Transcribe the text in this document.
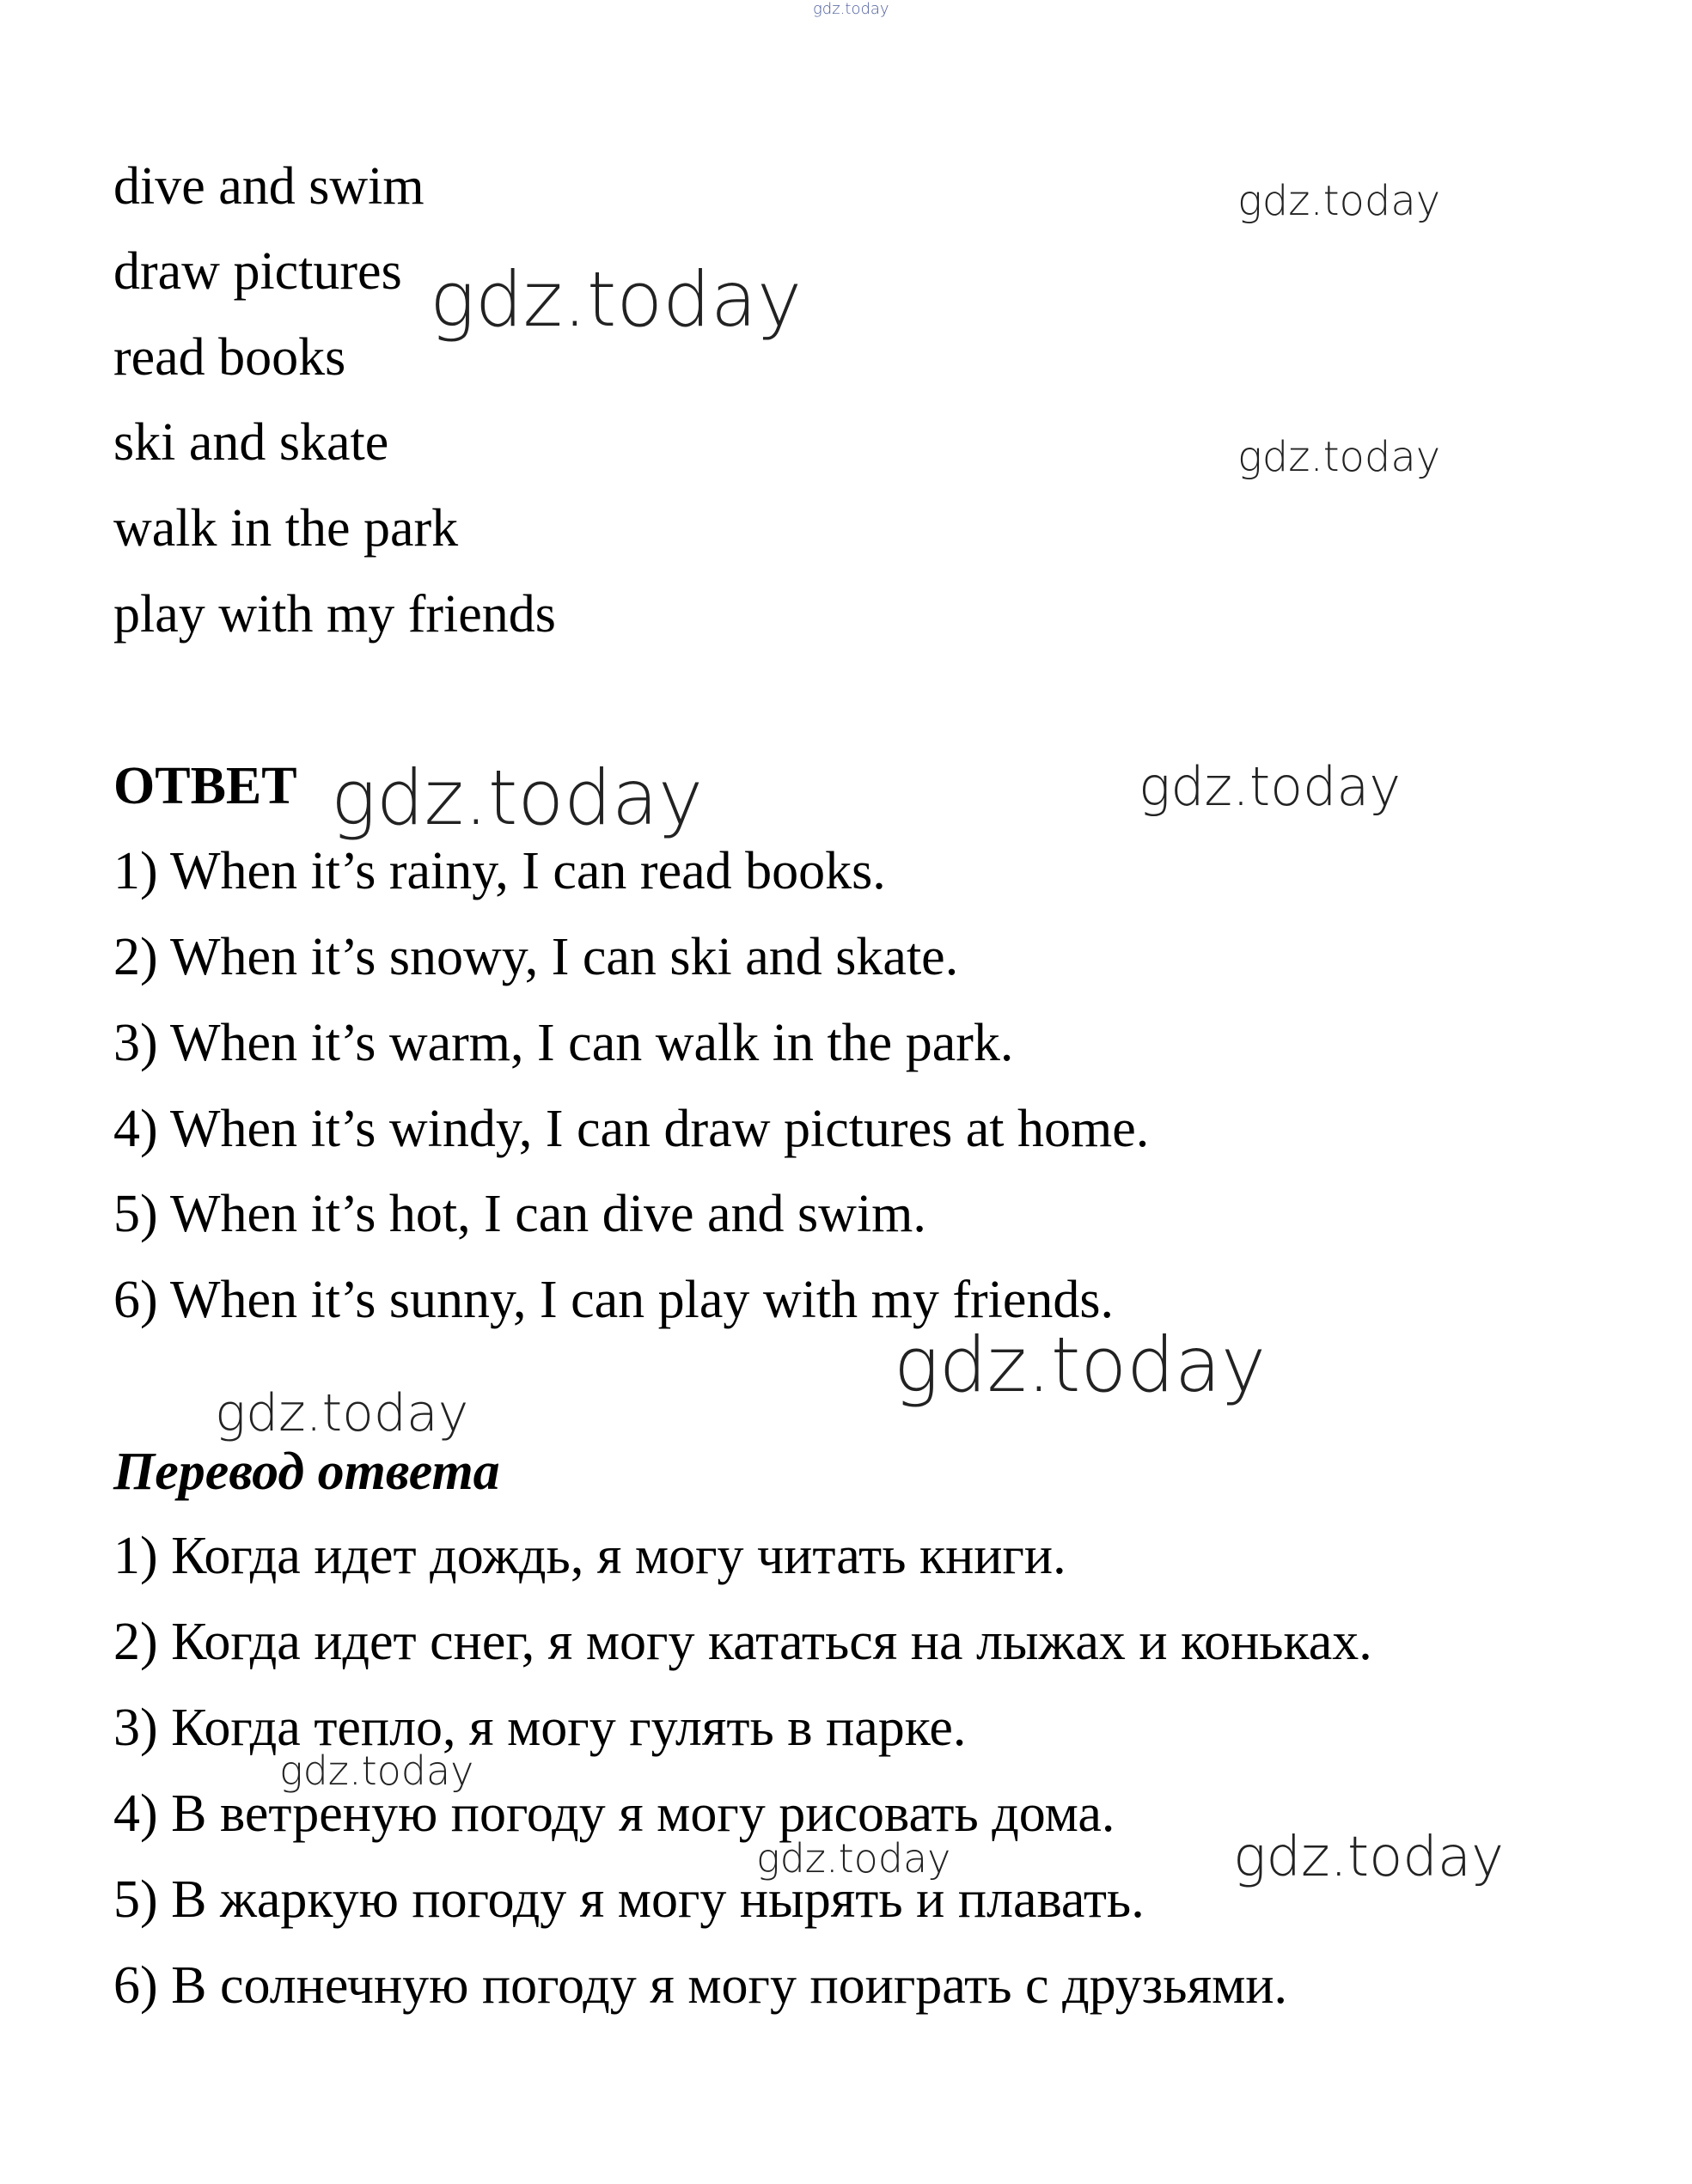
gdz.today
gdz.today
gdz.today
gdz.today
gdz.today	gdz.today
gdz.today
gdz.today
gdz.today
gdz.today	gdz.today
dive and swim
draw pictures
read books
ski and skate
walk in the park
play with my friends
ОТВЕТ
1) When it’s rainy, I can read books.
2) When it’s snowy, I can ski and skate.
3) When it’s warm, I can walk in the park.
4) When it’s windy, I can draw pictures at home.
5) When it’s hot, I can dive and swim.
6) When it’s sunny, I can play with my friends.
Перевод ответа
1) Когда идет дождь, я могу читать книги.
2) Когда идет снег, я могу кататься на лыжах и коньках.
3) Когда тепло, я могу гулять в парке.
4) В ветреную погоду я могу рисовать дома.
5) В жаркую погоду я могу нырять и плавать.
6) В солнечную погоду я могу поиграть с друзьями.
